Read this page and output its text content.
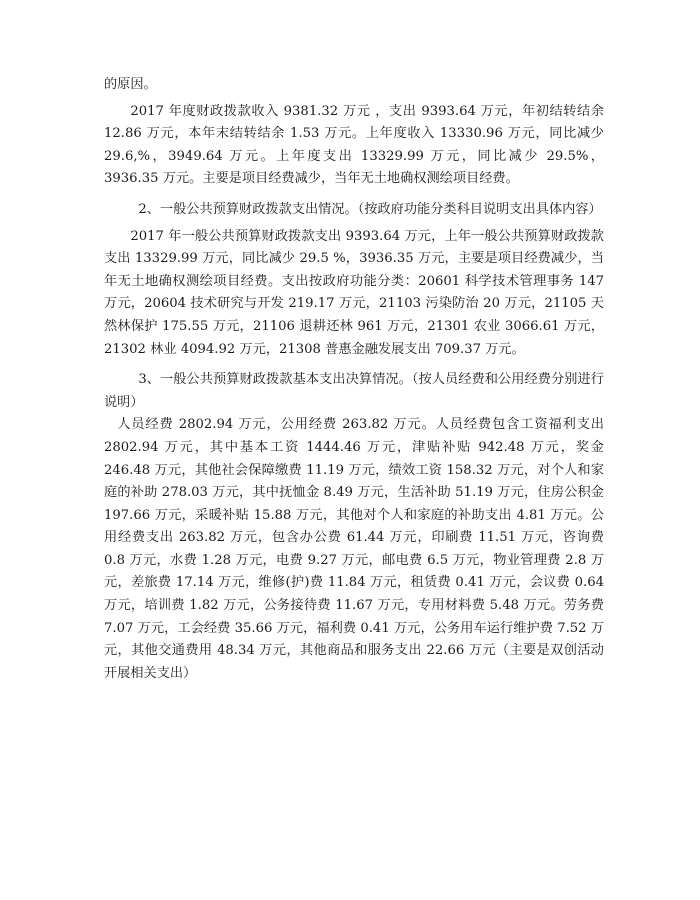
的原因。

2017 年度财政拨款收入 9381.32 万元 ，支出 9393.64 万元，年初结转结余 12.86 万元，本年末结转结余 1.53 万元。上年度收入 13330.96 万元，同比减少 29.6,%，3949.64 万元。上年度支出 13329.99 万元，同比减少 29.5%，3936.35 万元。主要是项目经费减少，当年无土地确权测绘项目经费。

2、一般公共预算财政拨款支出情况。（按政府功能分类科目说明支出具体内容）

2017 年一般公共预算财政拨款支出 9393.64 万元，上年一般公共预算财政拨款支出 13329.99 万元，同比减少 29.5 %，3936.35 万元，主要是项目经费减少，当年无土地确权测绘项目经费。支出按政府功能分类：20601 科学技术管理事务 147 万元，20604 技术研究与开发 219.17 万元，21103 污染防治 20 万元，21105 天然林保护 175.55 万元，21106 退耕还林 961 万元，21301 农业 3066.61 万元，21302 林业 4094.92 万元，21308 普惠金融发展支出 709.37 万元。

3、一般公共预算财政拨款基本支出决算情况。（按人员经费和公用经费分别进行说明）

人员经费 2802.94 万元，公用经费 263.82 万元。人员经费包含工资福利支出 2802.94 万元，其中基本工资 1444.46 万元，津贴补贴 942.48 万元，奖金 246.48 万元，其他社会保障缴费 11.19 万元，绩效工资 158.32 万元，对个人和家庭的补助 278.03 万元，其中抚恤金 8.49 万元，生活补助 51.19 万元，住房公积金 197.66 万元，采暖补贴 15.88 万元，其他对个人和家庭的补助支出 4.81 万元。公用经费支出 263.82 万元，包含办公费 61.44 万元，印刷费 11.51 万元，咨询费 0.8 万元，水费 1.28 万元，电费 9.27 万元，邮电费 6.5 万元，物业管理费 2.8 万元，差旅费 17.14 万元，维修(护)费 11.84 万元，租赁费 0.41 万元，会议费 0.64 万元，培训费 1.82 万元，公务接待费 11.67 万元，专用材料费 5.48 万元。劳务费 7.07 万元，工会经费 35.66 万元，福利费 0.41 万元，公务用车运行维护费 7.52 万元，其他交通费用 48.34 万元，其他商品和服务支出 22.66 万元（主要是双创活动开展相关支出）
